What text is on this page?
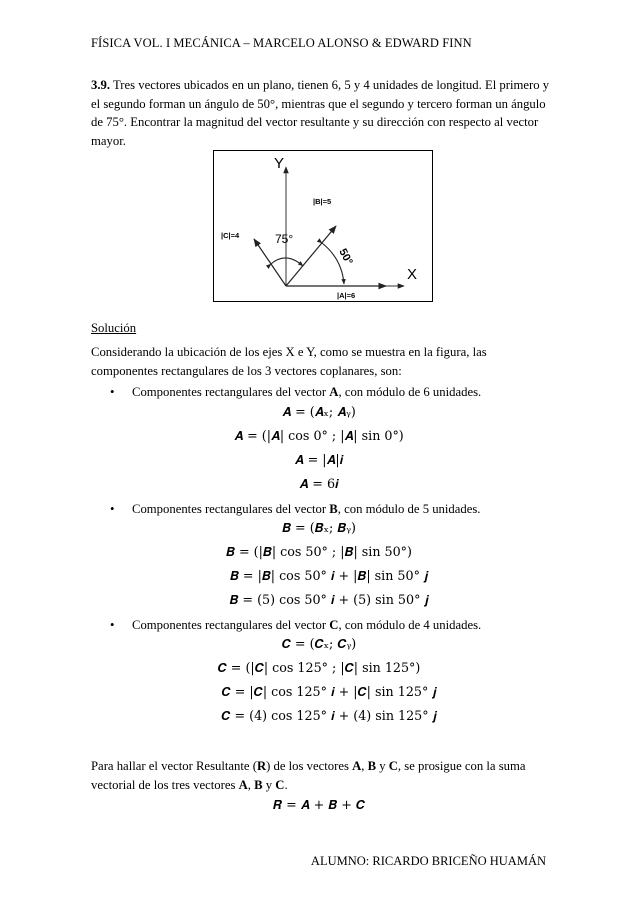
FÍSICA VOL. I MECÁNICA – MARCELO ALONSO & EDWARD FINN
3.9. Tres vectores ubicados en un plano, tienen 6, 5 y 4 unidades de longitud. El primero y el segundo forman un ángulo de 50°, mientras que el segundo y tercero forman un ángulo de 75°. Encontrar la magnitud del vector resultante y su dirección con respecto al vector mayor.
Y
X
|B|=5
|C|=4
|A|=6
75°
50°
Solución
Considerando la ubicación de los ejes X e Y, como se muestra en la figura, las componentes rectangulares de los 3 vectores coplanares, son:
• Componentes rectangulares del vector A, con módulo de 6 unidades.
𝑨 = (𝑨ₓ; 𝑨ᵧ)
𝑨 = (|𝑨| cos 0° ; |𝑨| sin 0°)
𝑨 = |𝑨|𝒊
𝑨 = 6𝒊
• Componentes rectangulares del vector B, con módulo de 5 unidades.
𝑩 = (𝑩ₓ; 𝑩ᵧ)
𝑩 = (|𝑩| cos 50° ; |𝑩| sin 50°)
𝑩 = |𝑩| cos 50° 𝒊 + |𝑩| sin 50° 𝒋
𝑩 = (5) cos 50° 𝒊 + (5) sin 50° 𝒋
• Componentes rectangulares del vector C, con módulo de 4 unidades.
𝑪 = (𝑪ₓ; 𝑪ᵧ)
𝑪 = (|𝑪| cos 125° ; |𝑪| sin 125°)
𝑪 = |𝑪| cos 125° 𝒊 + |𝑪| sin 125° 𝒋
𝑪 = (4) cos 125° 𝒊 + (4) sin 125° 𝒋
Para hallar el vector Resultante (R) de los vectores A, B y C, se prosigue con la suma vectorial de los tres vectores A, B y C.
𝑹 = 𝑨 + 𝑩 + 𝑪
ALUMNO: RICARDO BRICEÑO HUAMÁN
